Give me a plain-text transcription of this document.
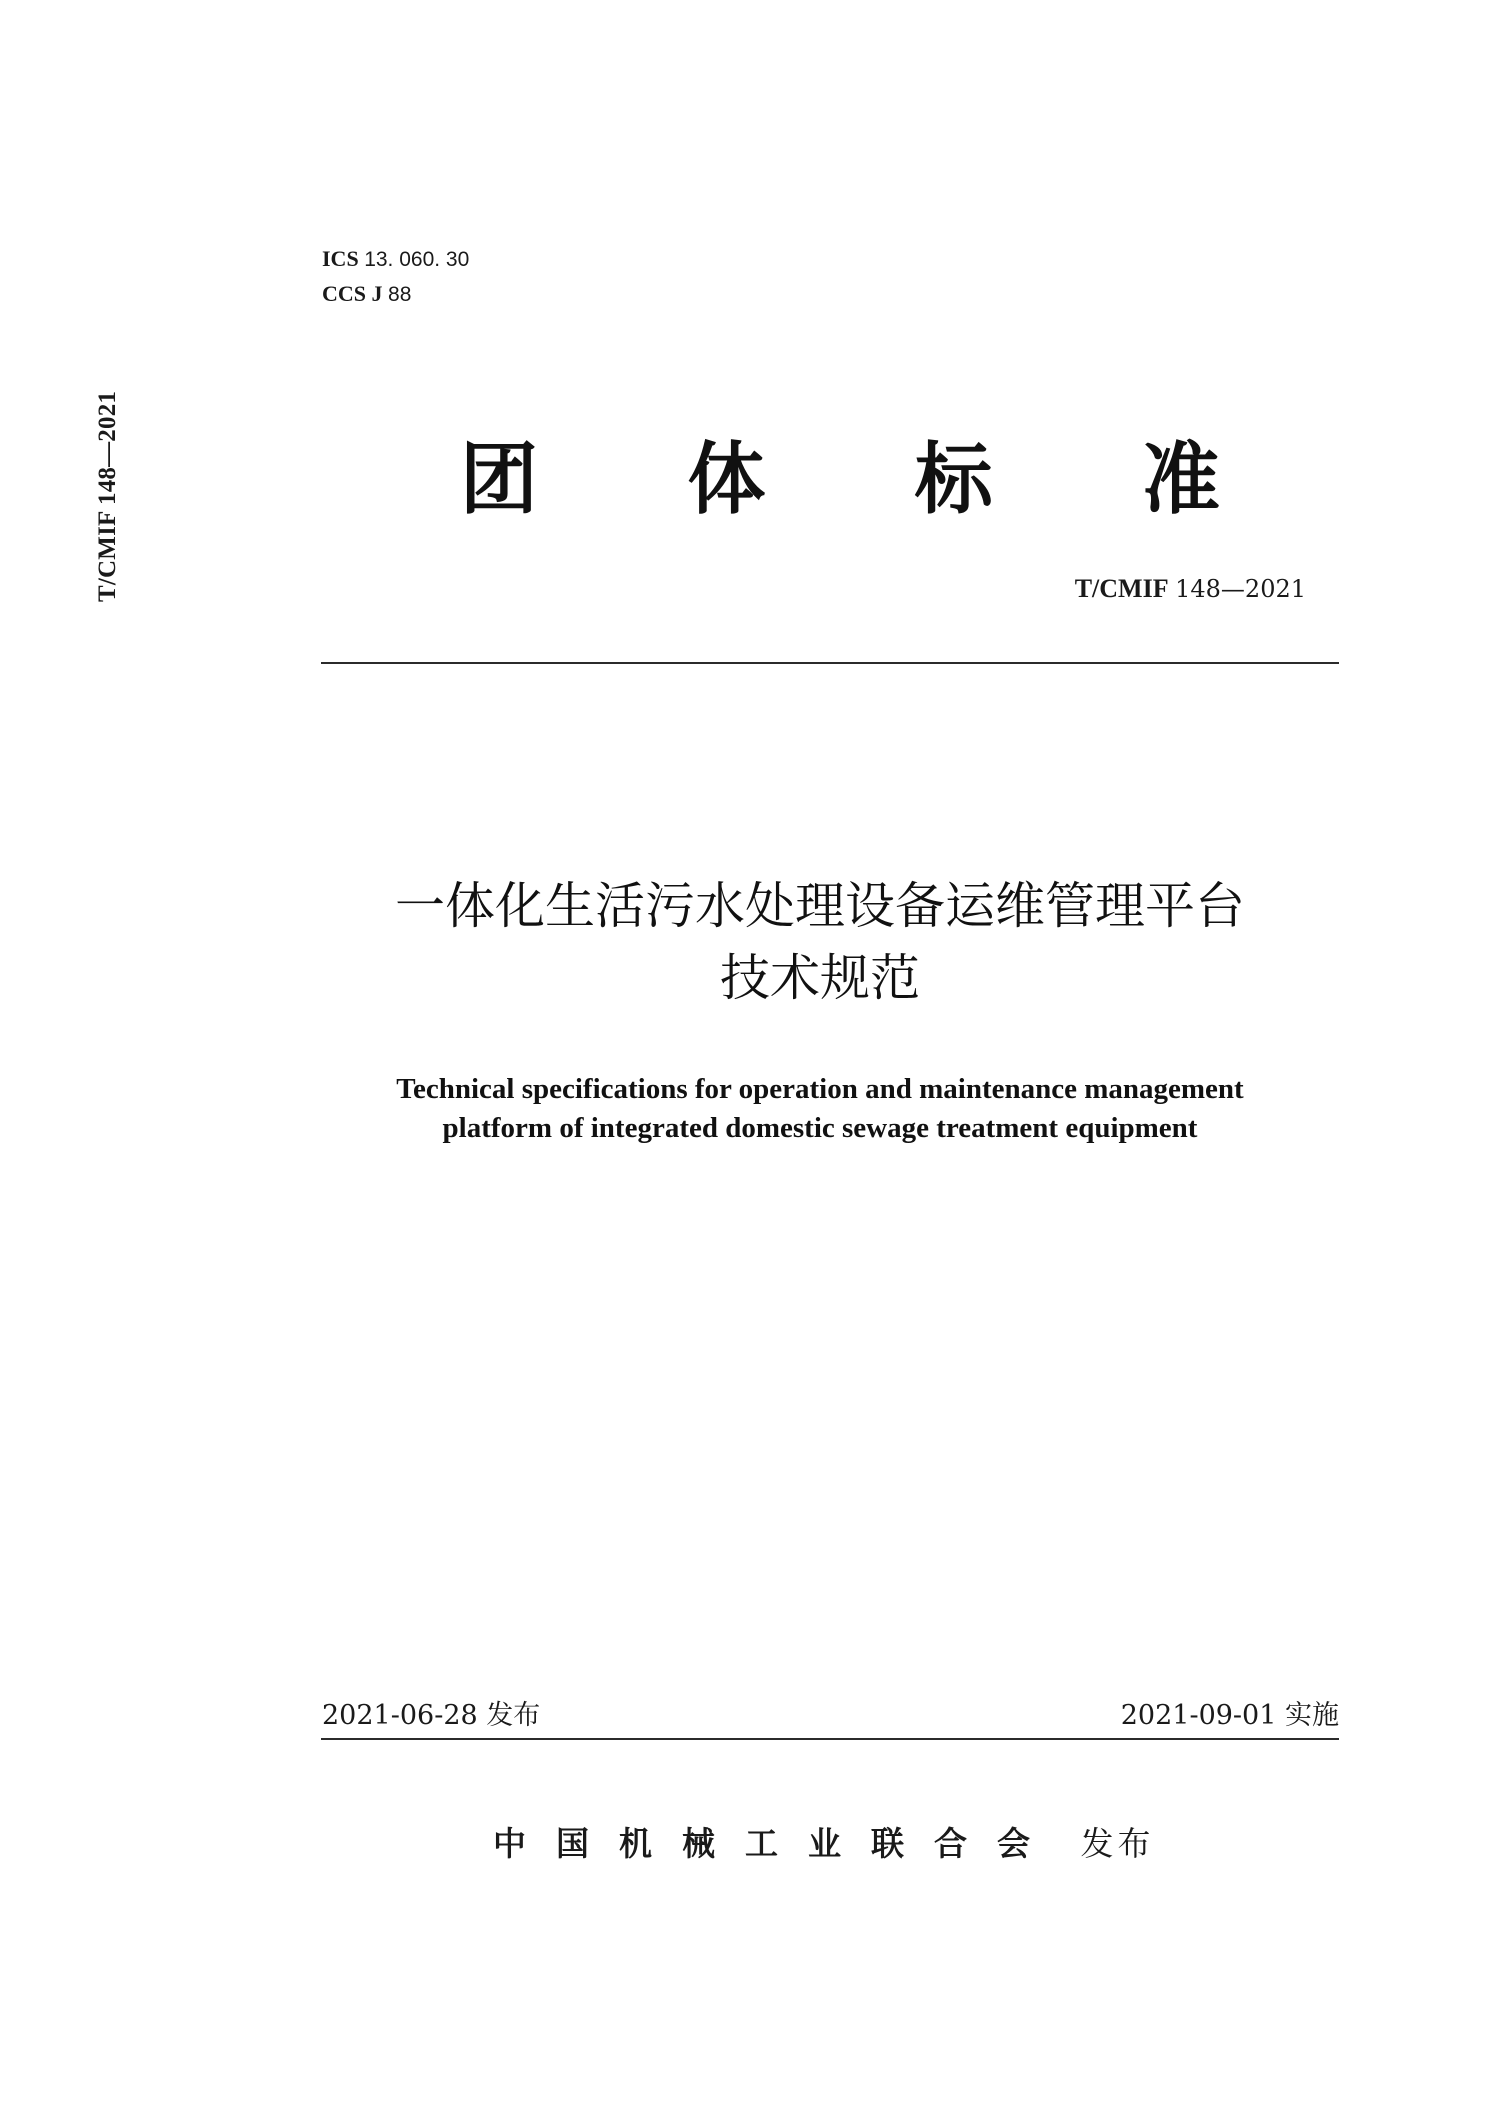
T/CMIF 148—2021
ICS 13. 060. 30
CCS J 88
团 体 标 准
T/CMIF 148—2021
一体化生活污水处理设备运维管理平台
技术规范
Technical specifications for operation and maintenance management
platform of integrated domestic sewage treatment equipment
2021-06-28 发布	2021-09-01 实施
中国机械工业联合会 发布
